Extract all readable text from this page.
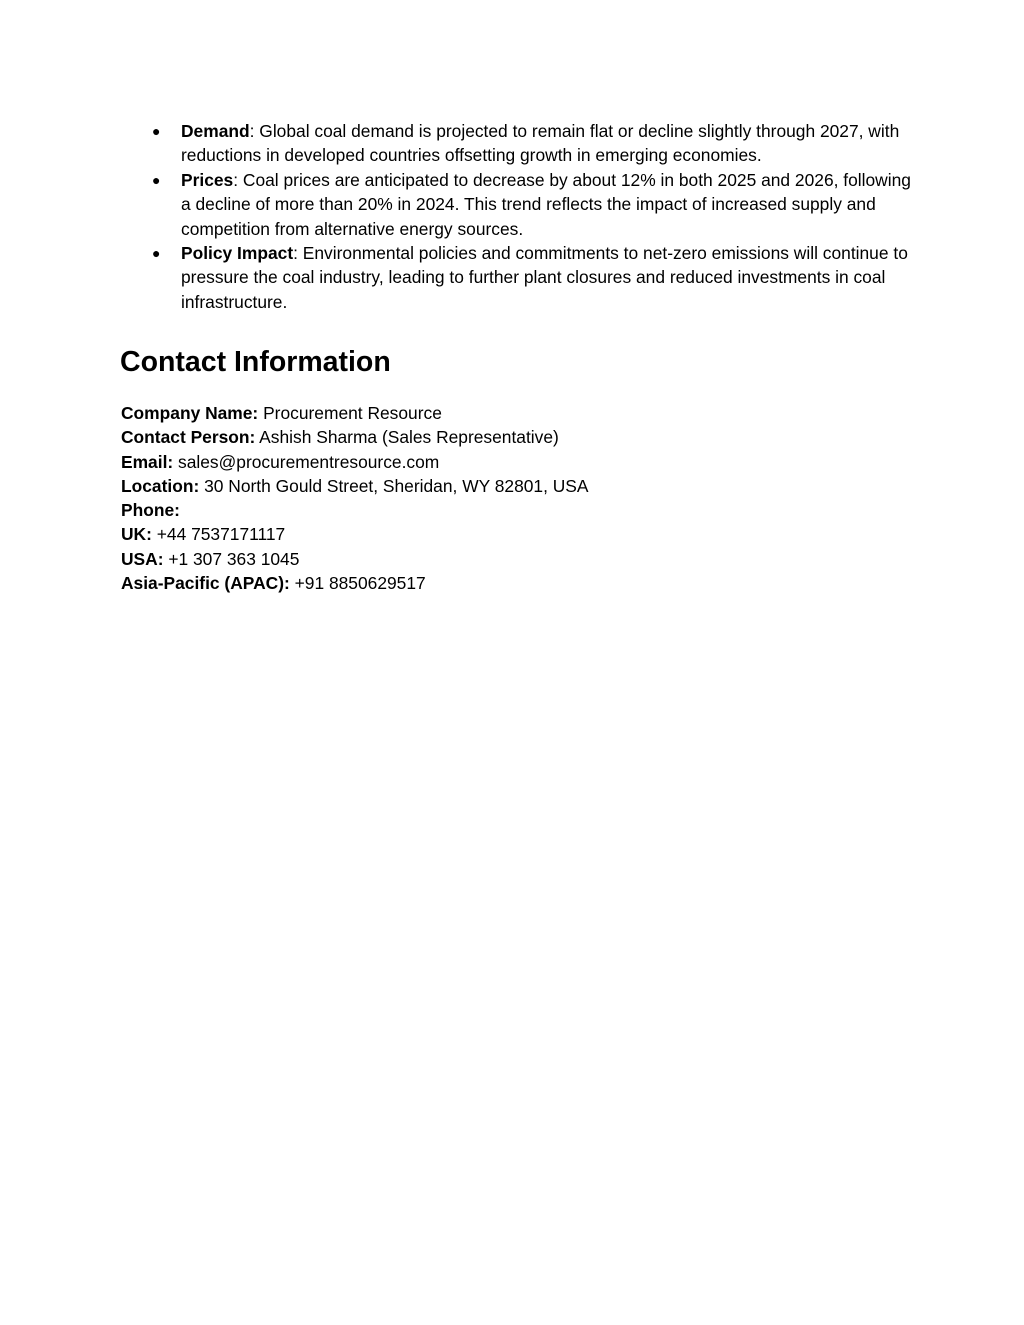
● Demand: Global coal demand is projected to remain flat or decline slightly through 2027, with reductions in developed countries offsetting growth in emerging economies.
● Prices: Coal prices are anticipated to decrease by about 12% in both 2025 and 2026, following a decline of more than 20% in 2024. This trend reflects the impact of increased supply and competition from alternative energy sources.
● Policy Impact: Environmental policies and commitments to net-zero emissions will continue to pressure the coal industry, leading to further plant closures and reduced investments in coal infrastructure.
Contact Information
Company Name: Procurement Resource
Contact Person: Ashish Sharma (Sales Representative)
Email: sales@procurementresource.com
Location: 30 North Gould Street, Sheridan, WY 82801, USA
Phone:
UK: +44 7537171117
USA: +1 307 363 1045
Asia-Pacific (APAC): +91 8850629517
